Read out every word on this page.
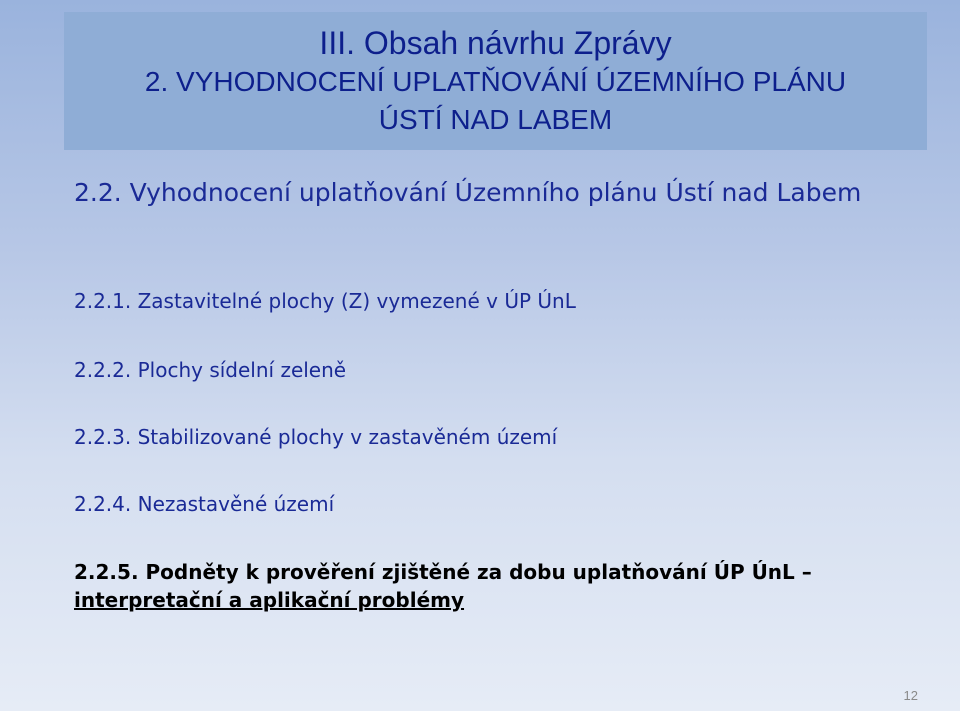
III. Obsah návrhu Zprávy
2. VYHODNOCENÍ UPLATŇOVÁNÍ ÚZEMNÍHO PLÁNU
ÚSTÍ NAD LABEM
2.2. Vyhodnocení uplatňování Územního plánu Ústí nad Labem

2.2.1. Zastavitelné plochy (Z) vymezené v ÚP ÚnL

2.2.2. Plochy sídelní zeleně

2.2.3. Stabilizované plochy v zastavěném území

2.2.4. Nezastavěné území

2.2.5. Podněty k prověření zjištěné za dobu uplatňování ÚP ÚnL –
interpretační a aplikační problémy
12
